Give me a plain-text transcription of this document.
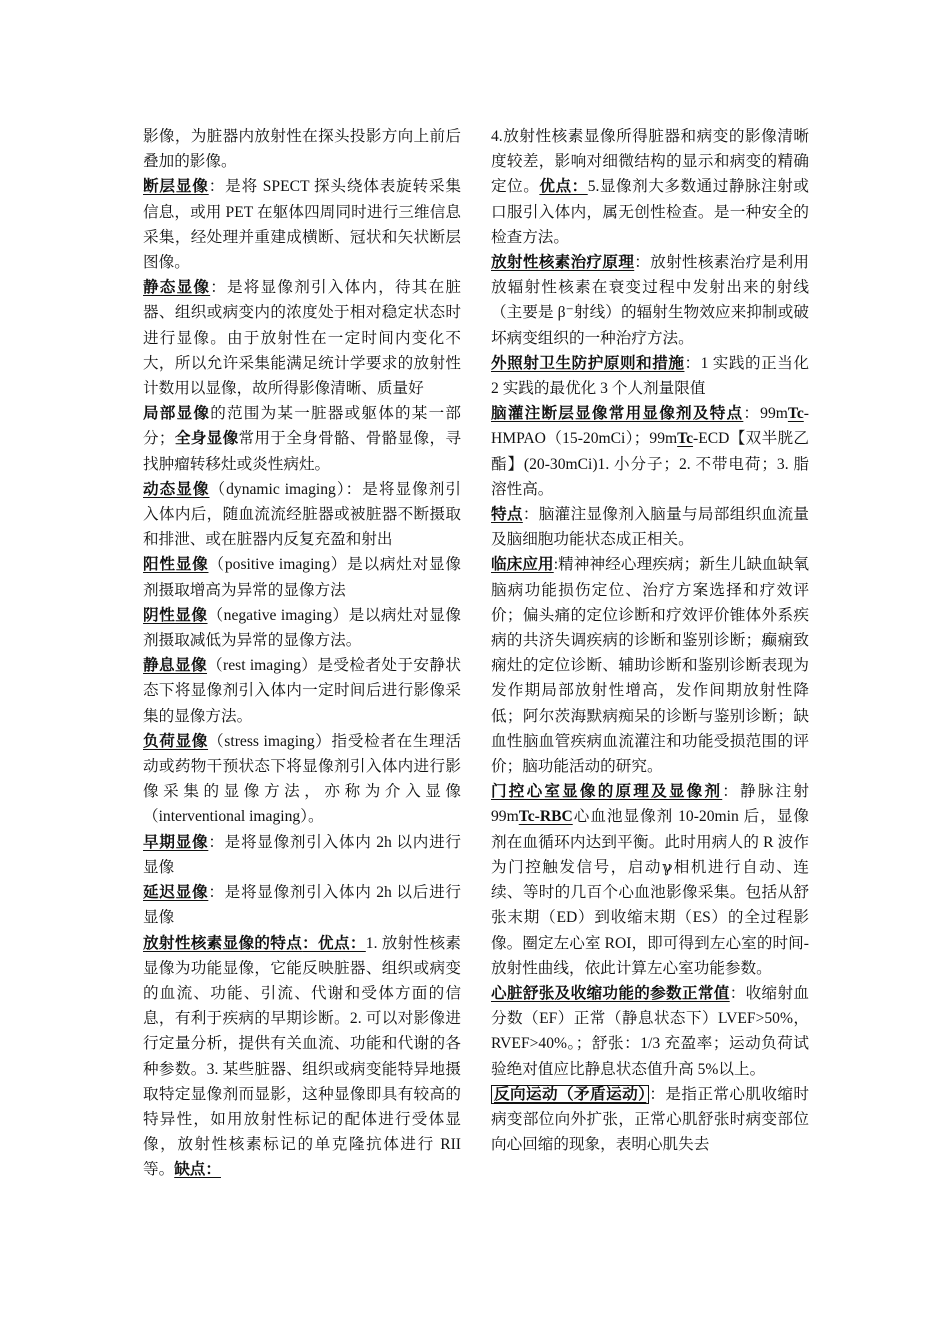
影像，为脏器内放射性在探头投影方向上前后叠加的影像。

断层显像：是将 SPECT 探头绕体表旋转采集信息，或用 PET 在躯体四周同时进行三维信息采集，经处理并重建成横断、冠状和矢状断层图像。

静态显像：是将显像剂引入体内，待其在脏器、组织或病变内的浓度处于相对稳定状态时进行显像。由于放射性在一定时间内变化不大，所以允许采集能满足统计学要求的放射性计数用以显像，故所得影像清晰、质量好

局部显像的范围为某一脏器或躯体的某一部分；全身显像常用于全身骨骼、骨骼显像，寻找肿瘤转移灶或炎性病灶。

动态显像（dynamic imaging）：是将显像剂引入体内后，随血流流经脏器或被脏器不断摄取和排泄、或在脏器内反复充盈和射出

阳性显像（positive imaging）是以病灶对显像剂摄取增高为异常的显像方法

阴性显像（negative imaging）是以病灶对显像剂摄取减低为异常的显像方法。

静息显像（rest imaging）是受检者处于安静状态下将显像剂引入体内一定时间后进行影像采集的显像方法。

负荷显像（stress imaging）指受检者在生理活动或药物干预状态下将显像剂引入体内进行影像采集的显像方法，亦称为介入显像（interventional imaging）。

早期显像：是将显像剂引入体内 2h 以内进行显像

延迟显像：是将显像剂引入体内 2h 以后进行显像

放射性核素显像的特点：优点：1. 放射性核素显像为功能显像，它能反映脏器、组织或病变的血流、功能、引流、代谢和受体方面的信息，有利于疾病的早期诊断。2. 可以对影像进行定量分析，提供有关血流、功能和代谢的各种参数。3. 某些脏器、组织或病变能特异地摄取特定显像剂而显影，这种显像即具有较高的特异性，如用放射性标记的配体进行受体显像，放射性核素标记的单克隆抗体进行 RII 等。缺点：

4.放射性核素显像所得脏器和病变的影像清晰度较差，影响对细微结构的显示和病变的精确定位。优点：5.显像剂大多数通过静脉注射或口服引入体内，属无创性检查。是一种安全的检查方法。

放射性核素治疗原理：放射性核素治疗是利用放辐射性核素在衰变过程中发射出来的射线（主要是 β⁻射线）的辐射生物效应来抑制或破坏病变组织的一种治疗方法。

外照射卫生防护原则和措施：1 实践的正当化 2 实践的最优化 3 个人剂量限值

脑灌注断层显像常用显像剂及特点：99mTc-HMPAO（15-20mCi）；99mTc-ECD【双半胱乙酯】(20-30mCi)1. 小分子；2. 不带电荷；3. 脂溶性高。

特点：脑灌注显像剂入脑量与局部组织血流量及脑细胞功能状态成正相关。

临床应用:精神神经心理疾病；新生儿缺血缺氧脑病功能损伤定位、治疗方案选择和疗效评价；偏头痛的定位诊断和疗效评价锥体外系疾病的共济失调疾病的诊断和鉴别诊断；癫痫致痫灶的定位诊断、辅助诊断和鉴别诊断表现为发作期局部放射性增高，发作间期放射性降低；阿尔茨海默病痴呆的诊断与鉴别诊断；缺血性脑血管疾病血流灌注和功能受损范围的评价；脑功能活动的研究。

门控心室显像的原理及显像剂：静脉注射 99mTc-RBC心血池显像剂 10-20min 后，显像剂在血循环内达到平衡。此时用病人的 R 波作为门控触发信号，启动ℽ相机进行自动、连续、等时的几百个心血池影像采集。包括从舒张末期（ED）到收缩末期（ES）的全过程影像。圈定左心室 ROI，即可得到左心室的时间-放射性曲线，依此计算左心室功能参数。

心脏舒张及收缩功能的参数正常值：收缩射血分数（EF）正常（静息状态下）LVEF>50%，RVEF>40%。；舒张：1/3 充盈率；运动负荷试验绝对值应比静息状态值升高 5%以上。

反向运动（矛盾运动） ：是指正常心肌收缩时病变部位向外扩张，正常心肌舒张时病变部位向心回缩的现象，表明心肌失去
